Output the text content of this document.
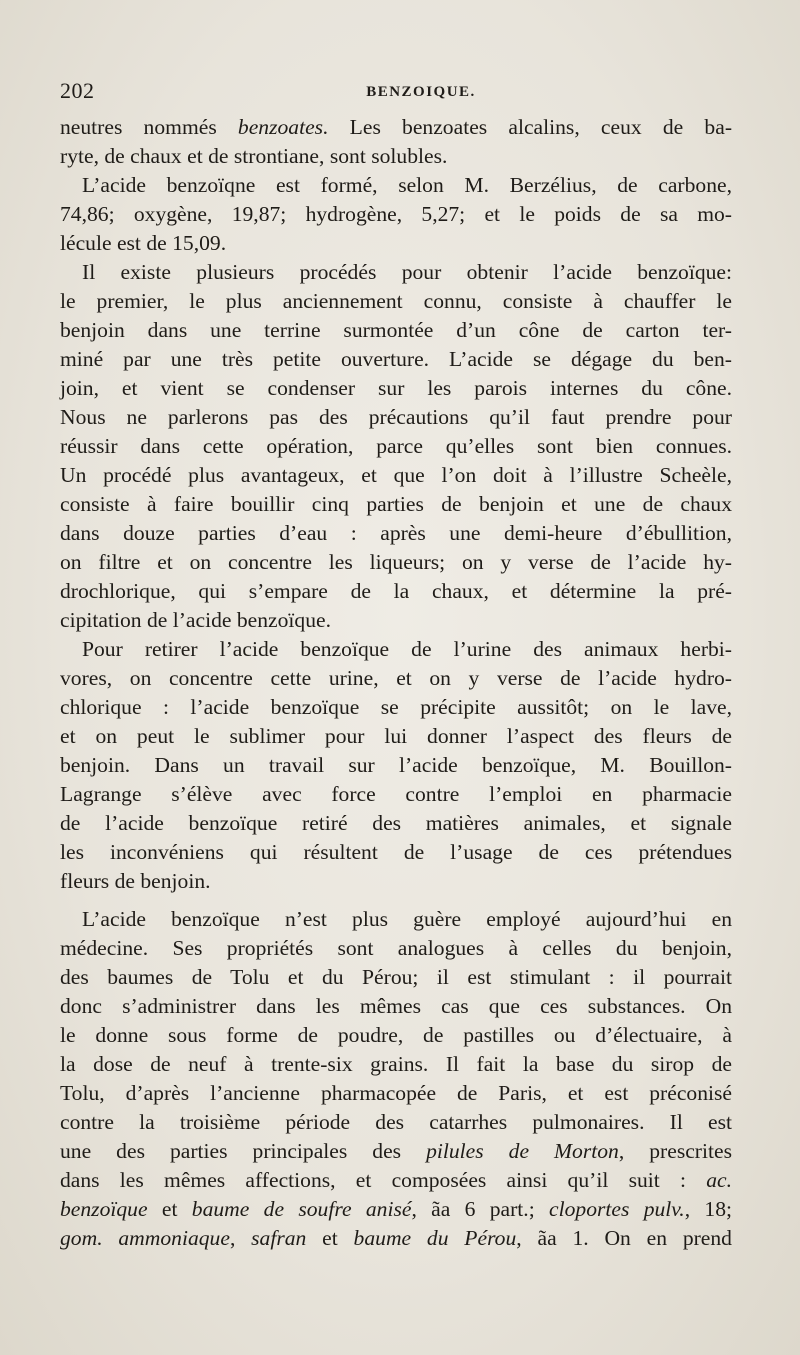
202	BENZOIQUE.
neutres nommés benzoates. Les benzoates alcalins, ceux de ba-
ryte, de chaux et de strontiane, sont solubles.
L’acide benzoïqne est formé, selon M. Berzélius, de carbone,
74,86; oxygène, 19,87; hydrogène, 5,27; et le poids de sa mo-
lécule est de 15,09.
Il existe plusieurs procédés pour obtenir l’acide benzoïque:
le premier, le plus anciennement connu, consiste à chauffer le
benjoin dans une terrine surmontée d’un cône de carton ter-
miné par une très petite ouverture. L’acide se dégage du ben-
join, et vient se condenser sur les parois internes du cône.
Nous ne parlerons pas des précautions qu’il faut prendre pour
réussir dans cette opération, parce qu’elles sont bien connues.
Un procédé plus avantageux, et que l’on doit à l’illustre Scheèle,
consiste à faire bouillir cinq parties de benjoin et une de chaux
dans douze parties d’eau : après une demi-heure d’ébullition,
on filtre et on concentre les liqueurs; on y verse de l’acide hy-
drochlorique, qui s’empare de la chaux, et détermine la pré-
cipitation de l’acide benzoïque.
Pour retirer l’acide benzoïque de l’urine des animaux herbi-
vores, on concentre cette urine, et on y verse de l’acide hydro-
chlorique : l’acide benzoïque se précipite aussitôt; on le lave,
et on peut le sublimer pour lui donner l’aspect des fleurs de
benjoin. Dans un travail sur l’acide benzoïque, M. Bouillon-
Lagrange s’élève avec force contre l’emploi en pharmacie
de l’acide benzoïque retiré des matières animales, et signale
les inconvéniens qui résultent de l’usage de ces prétendues
fleurs de benjoin.
L’acide benzoïque n’est plus guère employé aujourd’hui en
médecine. Ses propriétés sont analogues à celles du benjoin,
des baumes de Tolu et du Pérou; il est stimulant : il pourrait
donc s’administrer dans les mêmes cas que ces substances. On
le donne sous forme de poudre, de pastilles ou d’électuaire, à
la dose de neuf à trente-six grains. Il fait la base du sirop de
Tolu, d’après l’ancienne pharmacopée de Paris, et est préconisé
contre la troisième période des catarrhes pulmonaires. Il est
une des parties principales des pilules de Morton, prescrites
dans les mêmes affections, et composées ainsi qu’il suit : ac.
benzoïque et baume de soufre anisé, ãa 6 part.; cloportes pulv., 18;
gom. ammoniaque, safran et baume du Pérou, ãa 1. On en prend
